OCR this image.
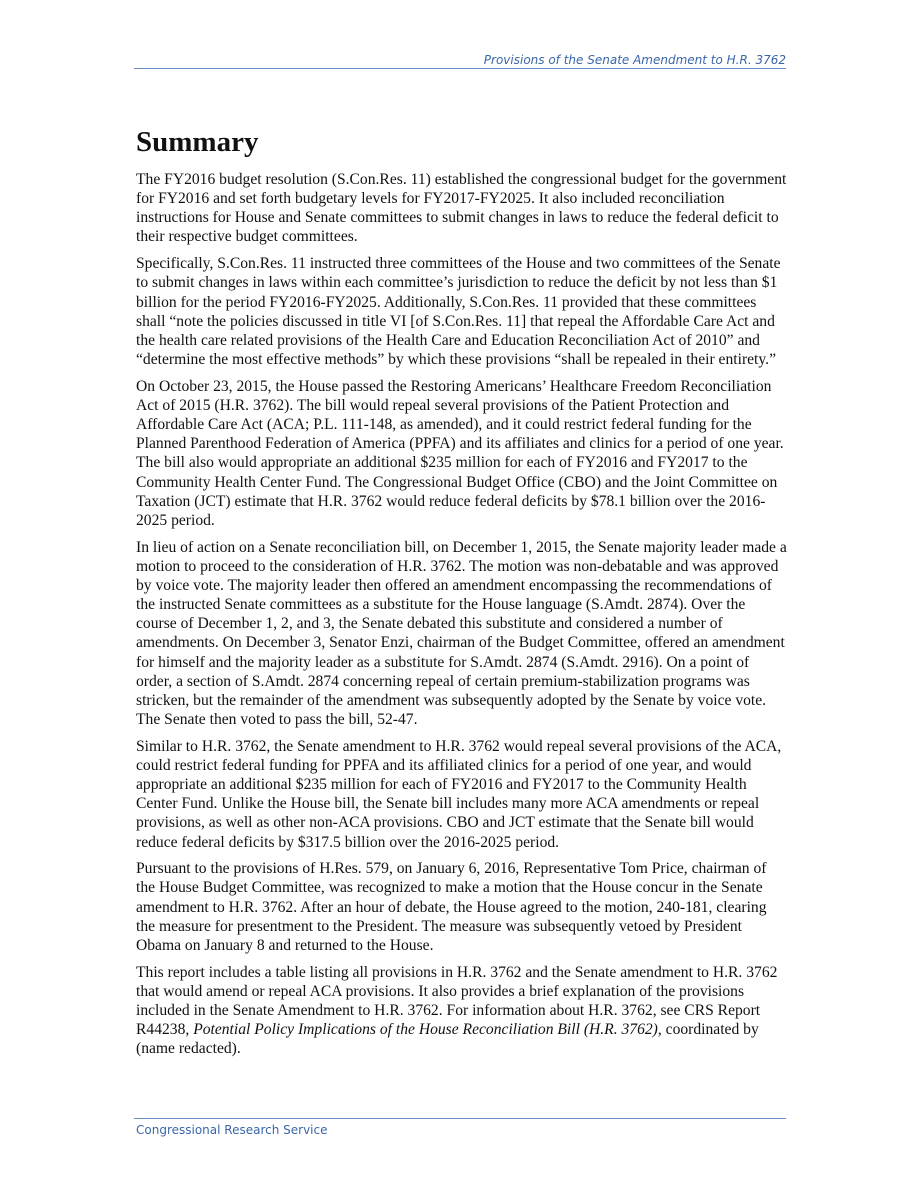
Provisions of the Senate Amendment to H.R. 3762
Summary

The FY2016 budget resolution (S.Con.Res. 11) established the congressional budget for the government for FY2016 and set forth budgetary levels for FY2017-FY2025. It also included reconciliation instructions for House and Senate committees to submit changes in laws to reduce the federal deficit to their respective budget committees.

Specifically, S.Con.Res. 11 instructed three committees of the House and two committees of the Senate to submit changes in laws within each committee’s jurisdiction to reduce the deficit by not less than $1 billion for the period FY2016-FY2025. Additionally, S.Con.Res. 11 provided that these committees shall “note the policies discussed in title VI [of S.Con.Res. 11] that repeal the Affordable Care Act and the health care related provisions of the Health Care and Education Reconciliation Act of 2010” and “determine the most effective methods” by which these provisions “shall be repealed in their entirety.”

On October 23, 2015, the House passed the Restoring Americans’ Healthcare Freedom Reconciliation Act of 2015 (H.R. 3762). The bill would repeal several provisions of the Patient Protection and Affordable Care Act (ACA; P.L. 111-148, as amended), and it could restrict federal funding for the Planned Parenthood Federation of America (PPFA) and its affiliates and clinics for a period of one year. The bill also would appropriate an additional $235 million for each of FY2016 and FY2017 to the Community Health Center Fund. The Congressional Budget Office (CBO) and the Joint Committee on Taxation (JCT) estimate that H.R. 3762 would reduce federal deficits by $78.1 billion over the 2016-2025 period.

In lieu of action on a Senate reconciliation bill, on December 1, 2015, the Senate majority leader made a motion to proceed to the consideration of H.R. 3762. The motion was non-debatable and was approved by voice vote. The majority leader then offered an amendment encompassing the recommendations of the instructed Senate committees as a substitute for the House language (S.Amdt. 2874). Over the course of December 1, 2, and 3, the Senate debated this substitute and considered a number of amendments. On December 3, Senator Enzi, chairman of the Budget Committee, offered an amendment for himself and the majority leader as a substitute for S.Amdt. 2874 (S.Amdt. 2916). On a point of order, a section of S.Amdt. 2874 concerning repeal of certain premium-stabilization programs was stricken, but the remainder of the amendment was subsequently adopted by the Senate by voice vote. The Senate then voted to pass the bill, 52-47.

Similar to H.R. 3762, the Senate amendment to H.R. 3762 would repeal several provisions of the ACA, could restrict federal funding for PPFA and its affiliated clinics for a period of one year, and would appropriate an additional $235 million for each of FY2016 and FY2017 to the Community Health Center Fund. Unlike the House bill, the Senate bill includes many more ACA amendments or repeal provisions, as well as other non-ACA provisions. CBO and JCT estimate that the Senate bill would reduce federal deficits by $317.5 billion over the 2016-2025 period.

Pursuant to the provisions of H.Res. 579, on January 6, 2016, Representative Tom Price, chairman of the House Budget Committee, was recognized to make a motion that the House concur in the Senate amendment to H.R. 3762. After an hour of debate, the House agreed to the motion, 240-181, clearing the measure for presentment to the President. The measure was subsequently vetoed by President Obama on January 8 and returned to the House.

This report includes a table listing all provisions in H.R. 3762 and the Senate amendment to H.R. 3762 that would amend or repeal ACA provisions. It also provides a brief explanation of the provisions included in the Senate Amendment to H.R. 3762. For information about H.R. 3762, see CRS Report R44238, Potential Policy Implications of the House Reconciliation Bill (H.R. 3762), coordinated by (name redacted).

Congressional Research Service
